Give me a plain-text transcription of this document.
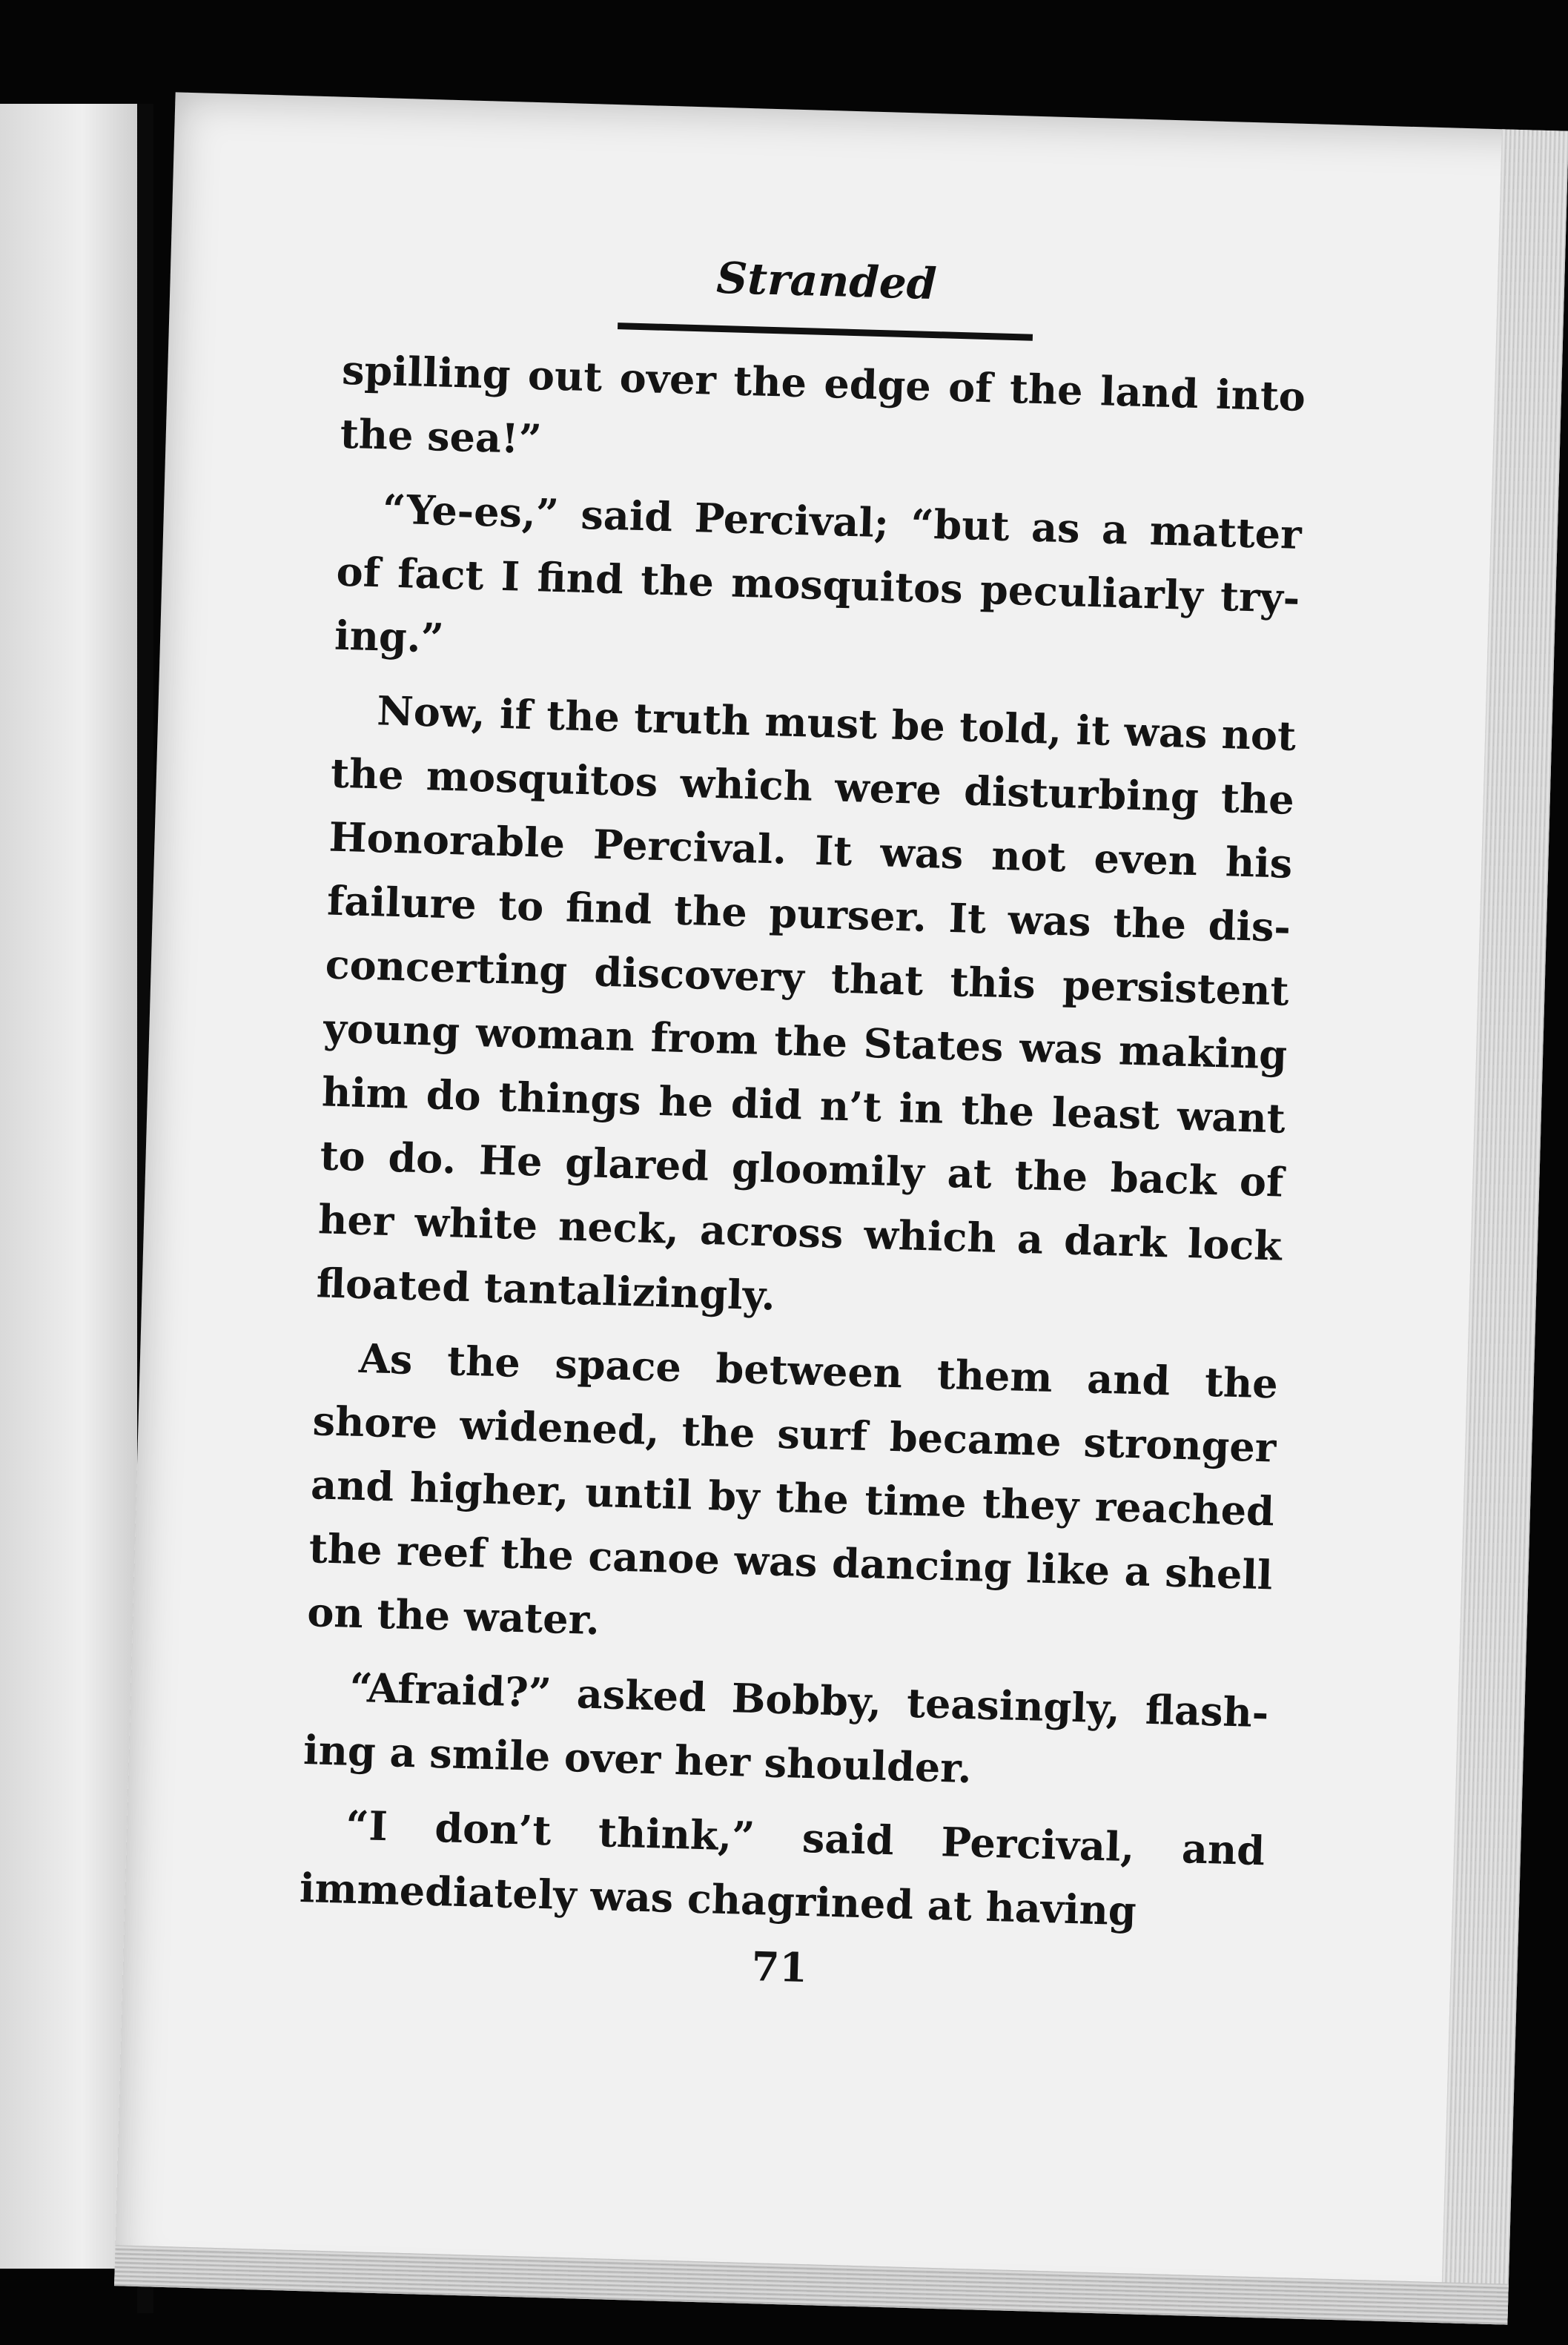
Stranded

spilling out over the edge of the land into the sea!”

“Ye-es,” said Percival; “but as a matter of fact I find the mosquitos peculiarly trying.”

Now, if the truth must be told, it was not the mosquitos which were disturbing the Honorable Percival. It was not even his failure to find the purser. It was the disconcerting discovery that this persistent young woman from the States was making him do things he did n’t in the least want to do. He glared gloomily at the back of her white neck, across which a dark lock floated tantalizingly.

As the space between them and the shore widened, the surf became stronger and higher, until by the time they reached the reef the canoe was dancing like a shell on the water.

“Afraid?” asked Bobby, teasingly, flashing a smile over her shoulder.

“I don’t think,” said Percival, and immediately was chagrined at having

71
